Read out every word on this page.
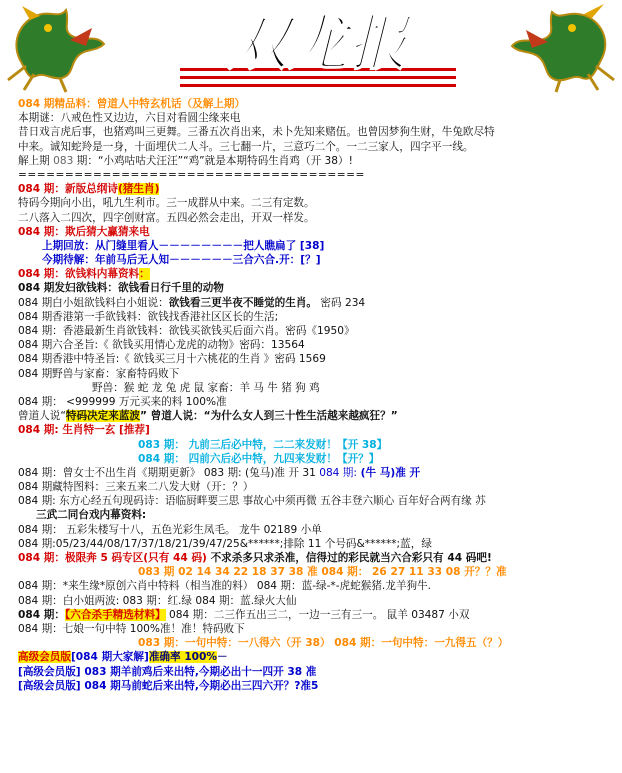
双龙报
084 期精品料：曾道人中特玄机话（及解上期）
本期谜：八戒色性又边边，六目对看圆尘缘来电
昔日戏言虎后事，也猪鸡叫三更舞。三番五次肖出来，未卜先知来赌伍。也曾因梦狗生财，牛兔欧尽特
中来。诚知蛇羚是一身，十面埋伏二人斗。三七翻一片，三意巧二个。一二三家人，四字平一线。
解上期 083 期：“小鸡咕咕犬汪汪”“鸡”就是本期特码生肖鸡（开 38）!
=====================================
084 期：新版总纲诗(猪生肖)
特码今期向小出，吼九生利市。三一成群从中来。二三有定数。
二八落入二四次，四字创财富。五四必然会走出，开双一样发。
084 期：欺后猜大赢猜来电
上期回放：从门缝里看人－－－－－－－－把人瞧扁了 [38]
今期待解：年前马后无人知－－－－－－三合六合.开：[？]
084 期：欲钱料内幕资料：
084 期发妇欲钱料：欲钱看日行千里的动物
084 期白小姐欲钱料白小姐说：欲钱看三更半夜不睡觉的生肖。 密码 234
084 期香港第一手欲钱料：欲钱找香港社区区长的生活;
084 期：香港最新生肖欲钱料：欲钱买欲钱买后面六肖。密码《1950》
084 期六合圣旨:《 欲钱买用情心龙虎的动物》密码：13564
084 期香港中特圣旨:《 欲钱买三月十六桃花的生肖 》密码 1569
084 期野兽与家畜：家畜特码败下
野兽：猴 蛇 龙 兔 虎 鼠 家畜：羊 马 牛 猪 狗 鸡
084 期： <999999 万元买来的料 100%准
曾道人说“特码决定来蓝波” 曾道人说：“为什么女人到三十性生活越来越疯狂？”
084 期: 生肖特一玄 [推荐]
083 期： 九前三后必中特，二二来发财！【开 38】
084 期： 四前六后必中特，九四来发财！【开？】
084 期：曾女士不出生肖《期期更新》 083 期: (兔马)准 开 31 084 期: (牛 马)准 开
084 期藏特图料：三来五来二八发大财（开：？）
084 期: 东方心经五句现码诗：语临厨畔要三思 事故心中须再微 五谷丰登六顺心 百年好合两有缘 苏
三武二同台戏内幕资料:
084 期： 五彩朱楼写十八，五色光彩生凤毛。 龙牛 02189 小单
084 期:05/23/44/08/17/37/18/21/39/47/25&******;排除 11 个号码&******;蓝，绿
084 期：极限奔 5 码专区(只有 44 码) 不求杀多只求杀准，信得过的彩民就当六合彩只有 44 码吧!
083 期 02 14 34 22 18 37 38 准 084 期： 26 27 11 33 08 开？？准
084 期：*来生缘*原创六肖中特料（相当准的料） 084 期：蓝-绿-*-虎蛇猴猪.龙羊狗牛.
084 期：白小姐两波: 083 期：红.绿 084 期：蓝.绿火大仙
084 期：【六合杀手精选材料】 084 期：二三作五出三二，一边一三有三一。 鼠羊 03487 小双
084 期：七娘一句中特 100%准！准！特码败下
083 期：一句中特：一八得六（开 38） 084 期：一句中特：一九得五（？）
高级会员版[084 期大家解]准确率 100%－
[高级会员版] 083 期羊前鸡后来出特,今期必出十一四开 38 准
[高级会员版] 084 期马前蛇后来出特,今期必出三四六开？?准5
